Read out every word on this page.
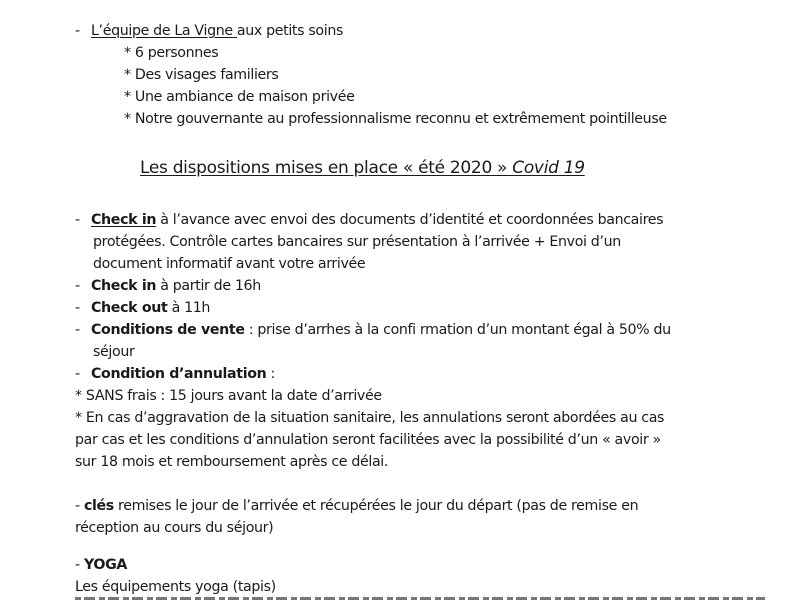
- L’équipe de La Vigne aux petits soins
* 6 personnes
* Des visages familiers
* Une ambiance de maison privée
* Notre gouvernante au professionnalisme reconnu et extrêmement pointilleuse
Les dispositions mises en place « été 2020 » Covid 19
- Check in à l’avance avec envoi des documents d’identité et coordonnées bancaires
protégées. Contrôle cartes bancaires sur présentation à l’arrivée + Envoi d’un
document informatif avant votre arrivée
- Check in à partir de 16h
- Check out à 11h
- Conditions de vente : prise d’arrhes à la confi rmation d’un montant égal à 50% du
séjour
- Condition d’annulation :
* SANS frais : 15 jours avant la date d’arrivée
* En cas d’aggravation de la situation sanitaire, les annulations seront abordées au cas
par cas et les conditions d’annulation seront facilitées avec la possibilité d’un « avoir »
sur 18 mois et remboursement après ce délai.
- clés remises le jour de l’arrivée et récupérées le jour du départ (pas de remise en
réception au cours du séjour)
- YOGA
Les équipements yoga (tapis)
